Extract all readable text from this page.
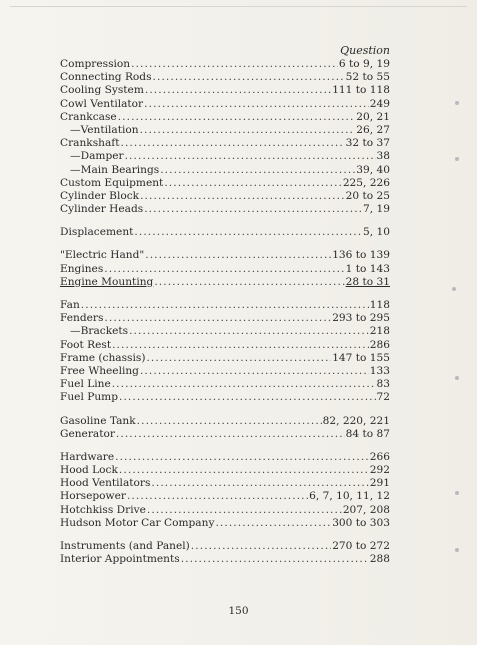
Question
Compression .....	6 to 9, 19
Connecting Rods .....	52 to 55
Cooling System .....	111 to 118
Cowl Ventilator .....	249
Crankcase .....	20, 21
—Ventilation .....	26, 27
Crankshaft .....	32 to 37
—Damper .....	38
—Main Bearings .....	39, 40
Custom Equipment .....	225, 226
Cylinder Block .....	20 to 25
Cylinder Heads .....	7, 19
Displacement .....	5, 10
"Electric Hand" .....	136 to 139
Engines .....	1 to 143
Engine Mounting .....	28 to 31
Fan .....	118
Fenders .....	293 to 295
—Brackets .....	218
Foot Rest .....	286
Frame (chassis) .....	147 to 155
Free Wheeling .....	133
Fuel Line .....	83
Fuel Pump .....	72
Gasoline Tank .....	82, 220, 221
Generator .....	84 to 87
Hardware .....	266
Hood Lock .....	292
Hood Ventilators .....	291
Horsepower .....	6, 7, 10, 11, 12
Hotchkiss Drive .....	207, 208
Hudson Motor Car Company .....	300 to 303
Instruments (and Panel) .....	270 to 272
Interior Appointments .....	288
150
